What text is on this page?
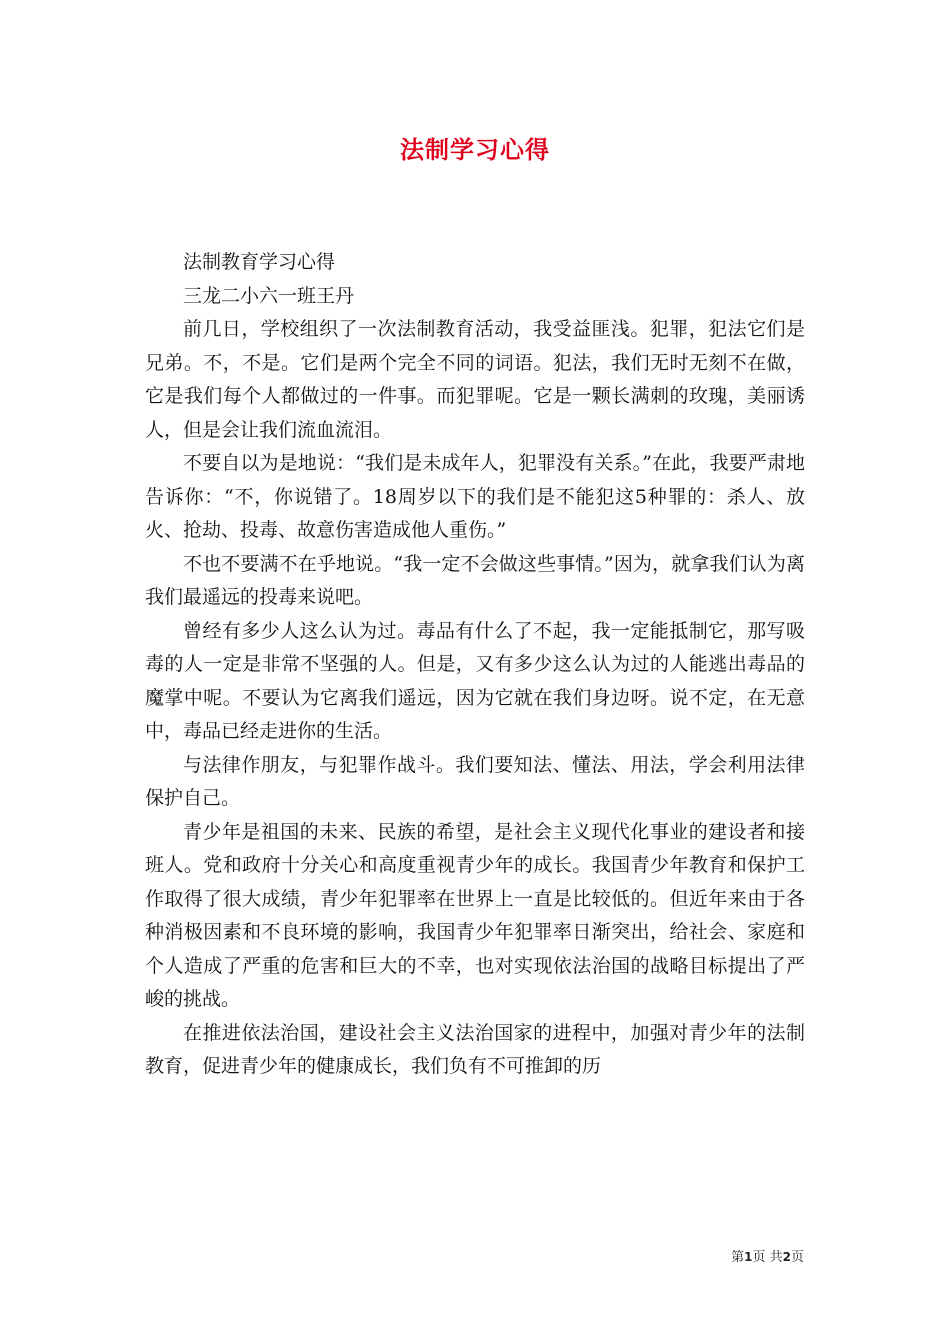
法制学习心得

法制教育学习心得

三龙二小六一班王丹

前几日，学校组织了一次法制教育活动，我受益匪浅。犯罪，犯法它们是兄弟。不，不是。它们是两个完全不同的词语。犯法，我们无时无刻不在做，它是我们每个人都做过的一件事。而犯罪呢。它是一颗长满刺的玫瑰，美丽诱人，但是会让我们流血流泪。

不要自以为是地说：“我们是未成年人，犯罪没有关系。”在此，我要严肃地告诉你：“不，你说错了。18周岁以下的我们是不能犯这5种罪的：杀人、放火、抢劫、投毒、故意伤害造成他人重伤。”

不也不要满不在乎地说。“我一定不会做这些事情。”因为，就拿我们认为离我们最遥远的投毒来说吧。

曾经有多少人这么认为过。毒品有什么了不起，我一定能抵制它，那写吸毒的人一定是非常不坚强的人。但是，又有多少这么认为过的人能逃出毒品的魔掌中呢。不要认为它离我们遥远，因为它就在我们身边呀。说不定，在无意中，毒品已经走进你的生活。

与法律作朋友，与犯罪作战斗。我们要知法、懂法、用法，学会利用法律保护自己。

青少年是祖国的未来、民族的希望，是社会主义现代化事业的建设者和接班人。党和政府十分关心和高度重视青少年的成长。我国青少年教育和保护工作取得了很大成绩，青少年犯罪率在世界上一直是比较低的。但近年来由于各种消极因素和不良环境的影响，我国青少年犯罪率日渐突出，给社会、家庭和个人造成了严重的危害和巨大的不幸，也对实现依法治国的战略目标提出了严峻的挑战。

在推进依法治国，建设社会主义法治国家的进程中，加强对青少年的法制教育，促进青少年的健康成长，我们负有不可推卸的历

第1页 共2页
